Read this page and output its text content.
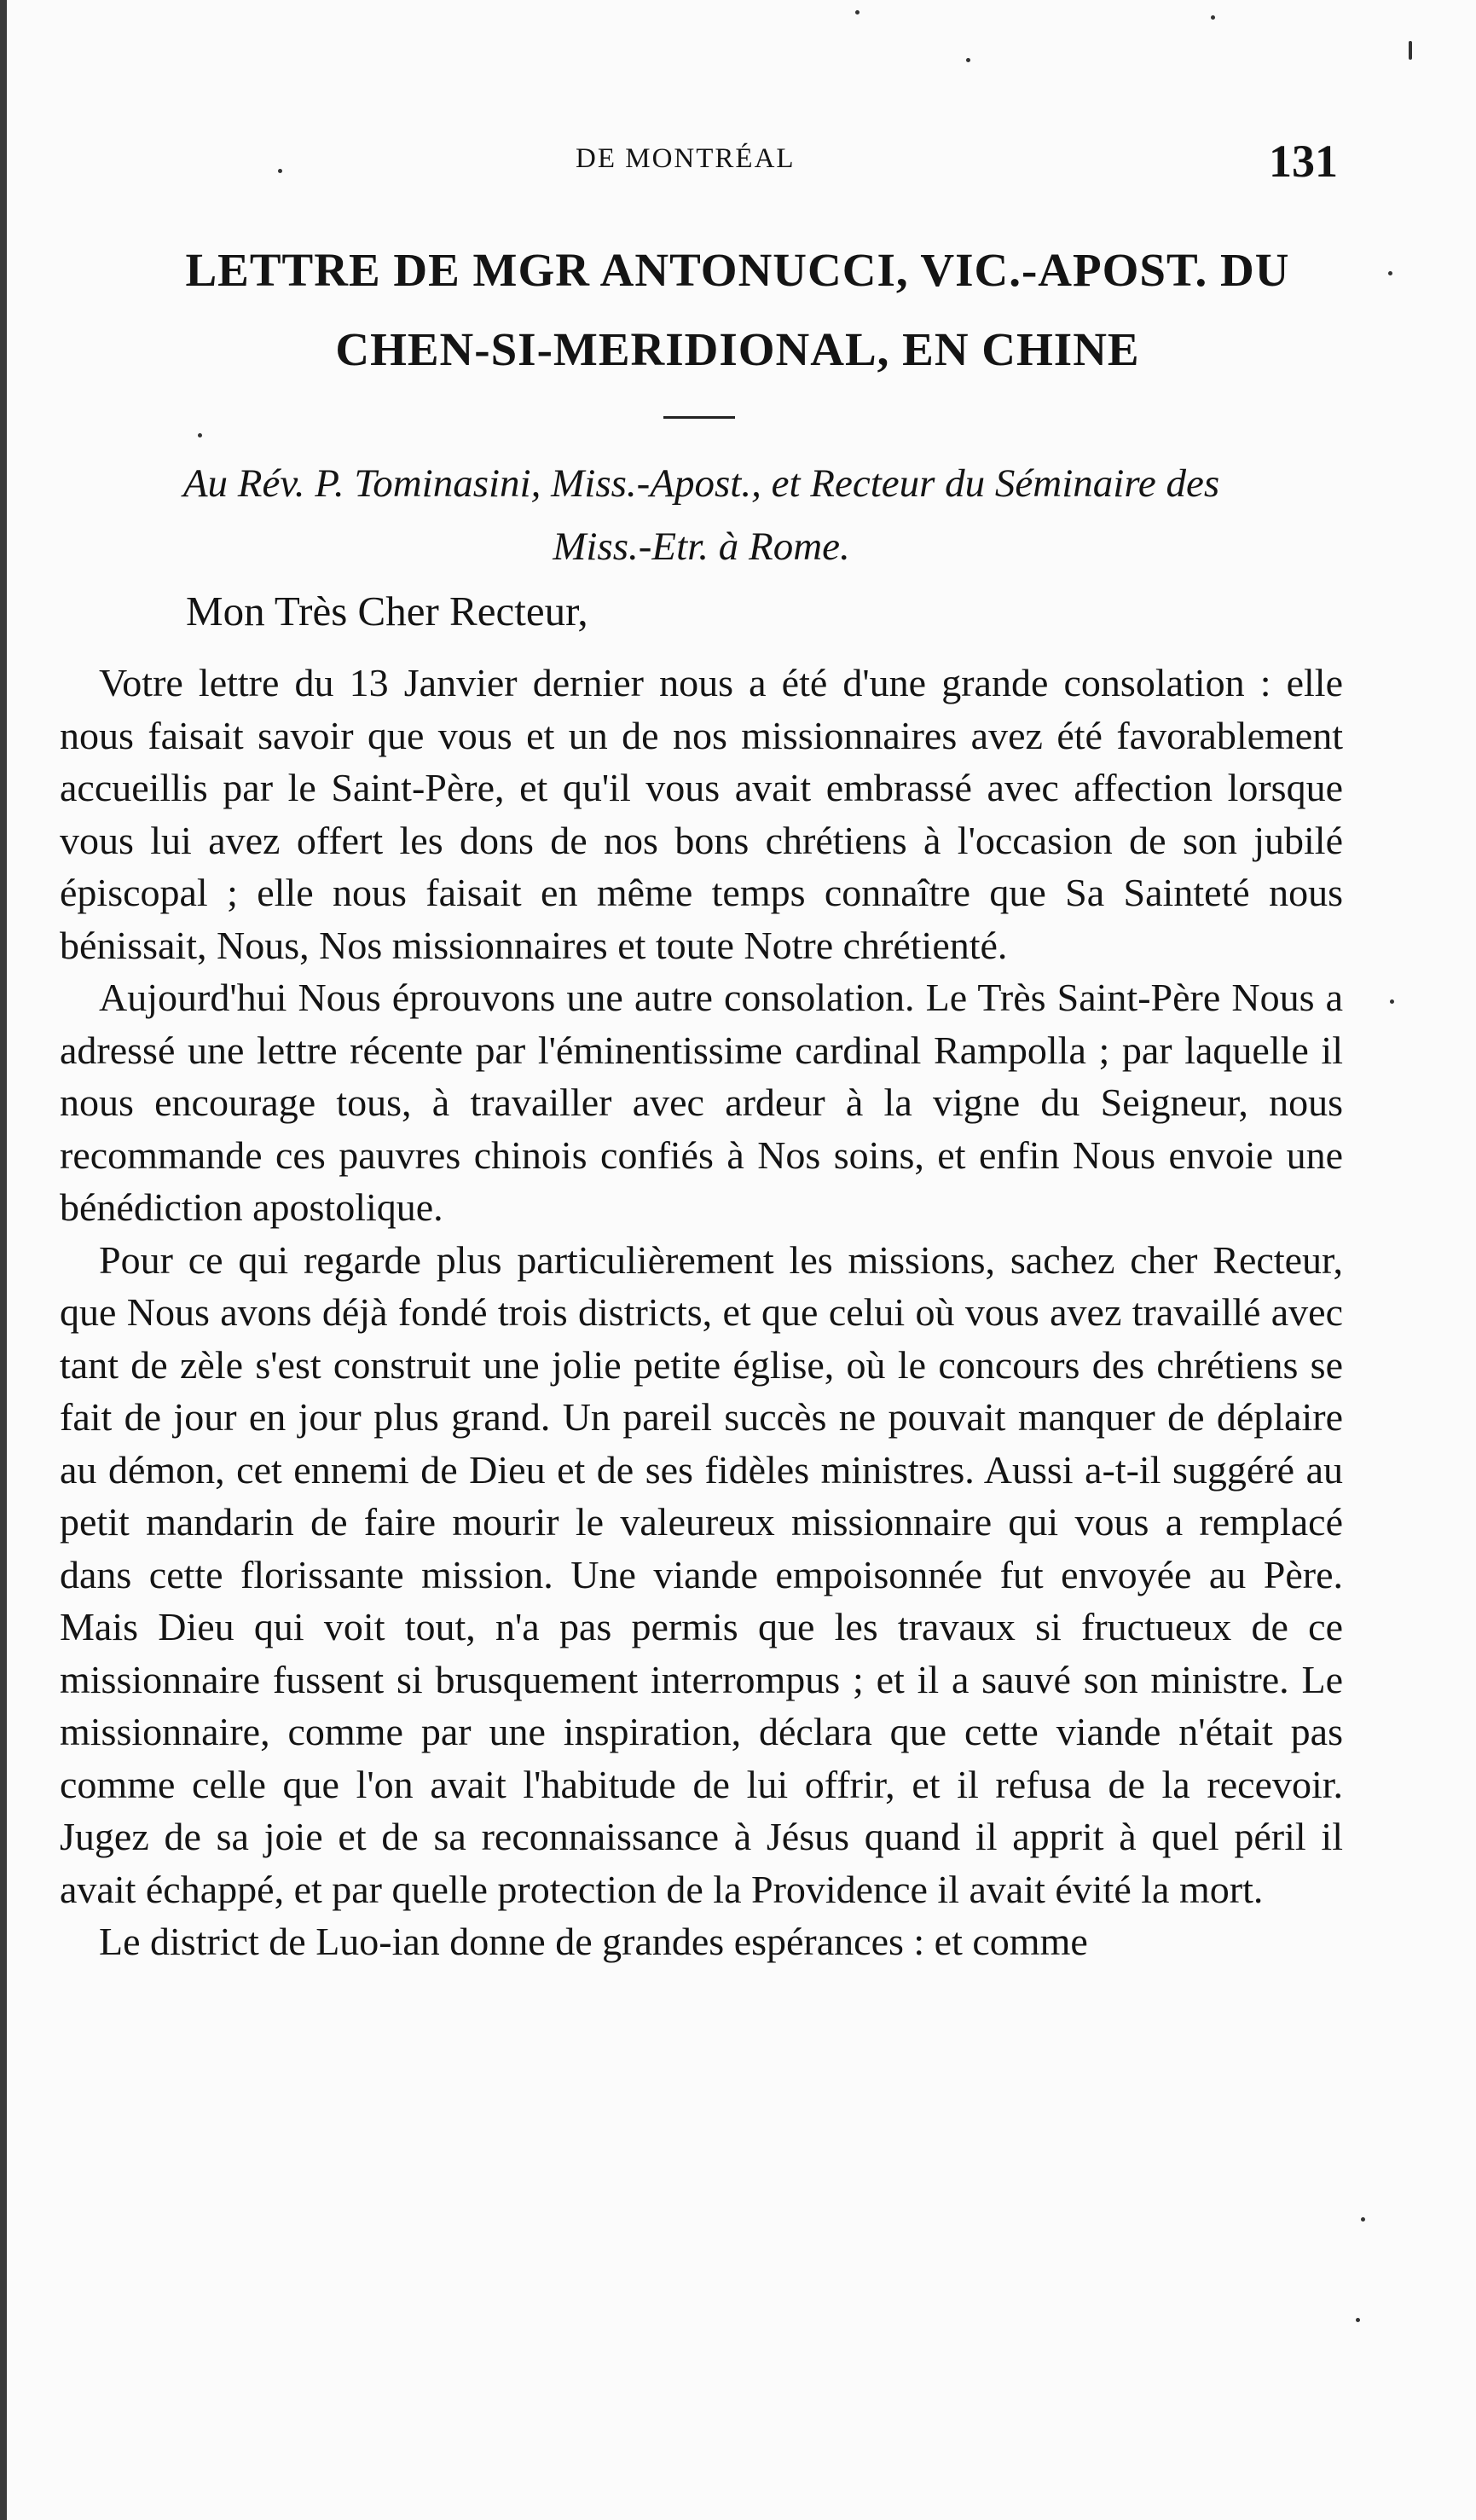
DE MONTRÉAL	131
LETTRE DE MGR ANTONUCCI, VIC.-APOST. DU
CHEN-SI-MERIDIONAL, EN CHINE
Au Rév. P. Tominasini, Miss.-Apost., et Recteur du Séminaire des
Miss.-Etr. à Rome.
Mon Très Cher Recteur,

Votre lettre du 13 Janvier dernier nous a été d'une grande consolation : elle nous faisait savoir que vous et un de nos missionnaires avez été favorablement accueillis par le Saint-Père, et qu'il vous avait embrassé avec affection lorsque vous lui avez offert les dons de nos bons chrétiens à l'occasion de son jubilé épiscopal ; elle nous faisait en même temps connaître que Sa Sainteté nous bénissait, Nous, Nos missionnaires et toute Notre chrétienté.

Aujourd'hui Nous éprouvons une autre consolation. Le Très Saint-Père Nous a adressé une lettre récente par l'éminentissime cardinal Rampolla ; par laquelle il nous encourage tous, à travailler avec ardeur à la vigne du Seigneur, nous recommande ces pauvres chinois confiés à Nos soins, et enfin Nous envoie une bénédiction apostolique.

Pour ce qui regarde plus particulièrement les missions, sachez cher Recteur, que Nous avons déjà fondé trois districts, et que celui où vous avez travaillé avec tant de zèle s'est construit une jolie petite église, où le concours des chrétiens se fait de jour en jour plus grand. Un pareil succès ne pouvait manquer de déplaire au démon, cet ennemi de Dieu et de ses fidèles ministres. Aussi a-t-il suggéré au petit mandarin de faire mourir le valeureux missionnaire qui vous a remplacé dans cette florissante mission. Une viande empoisonnée fut envoyée au Père. Mais Dieu qui voit tout, n'a pas permis que les travaux si fructueux de ce missionnaire fussent si brusquement interrompus ; et il a sauvé son ministre. Le missionnaire, comme par une inspiration, déclara que cette viande n'était pas comme celle que l'on avait l'habitude de lui offrir, et il refusa de la recevoir. Jugez de sa joie et de sa reconnaissance à Jésus quand il apprit à quel péril il avait échappé, et par quelle protection de la Providence il avait évité la mort.

Le district de Luo-ian donne de grandes espérances : et comme
